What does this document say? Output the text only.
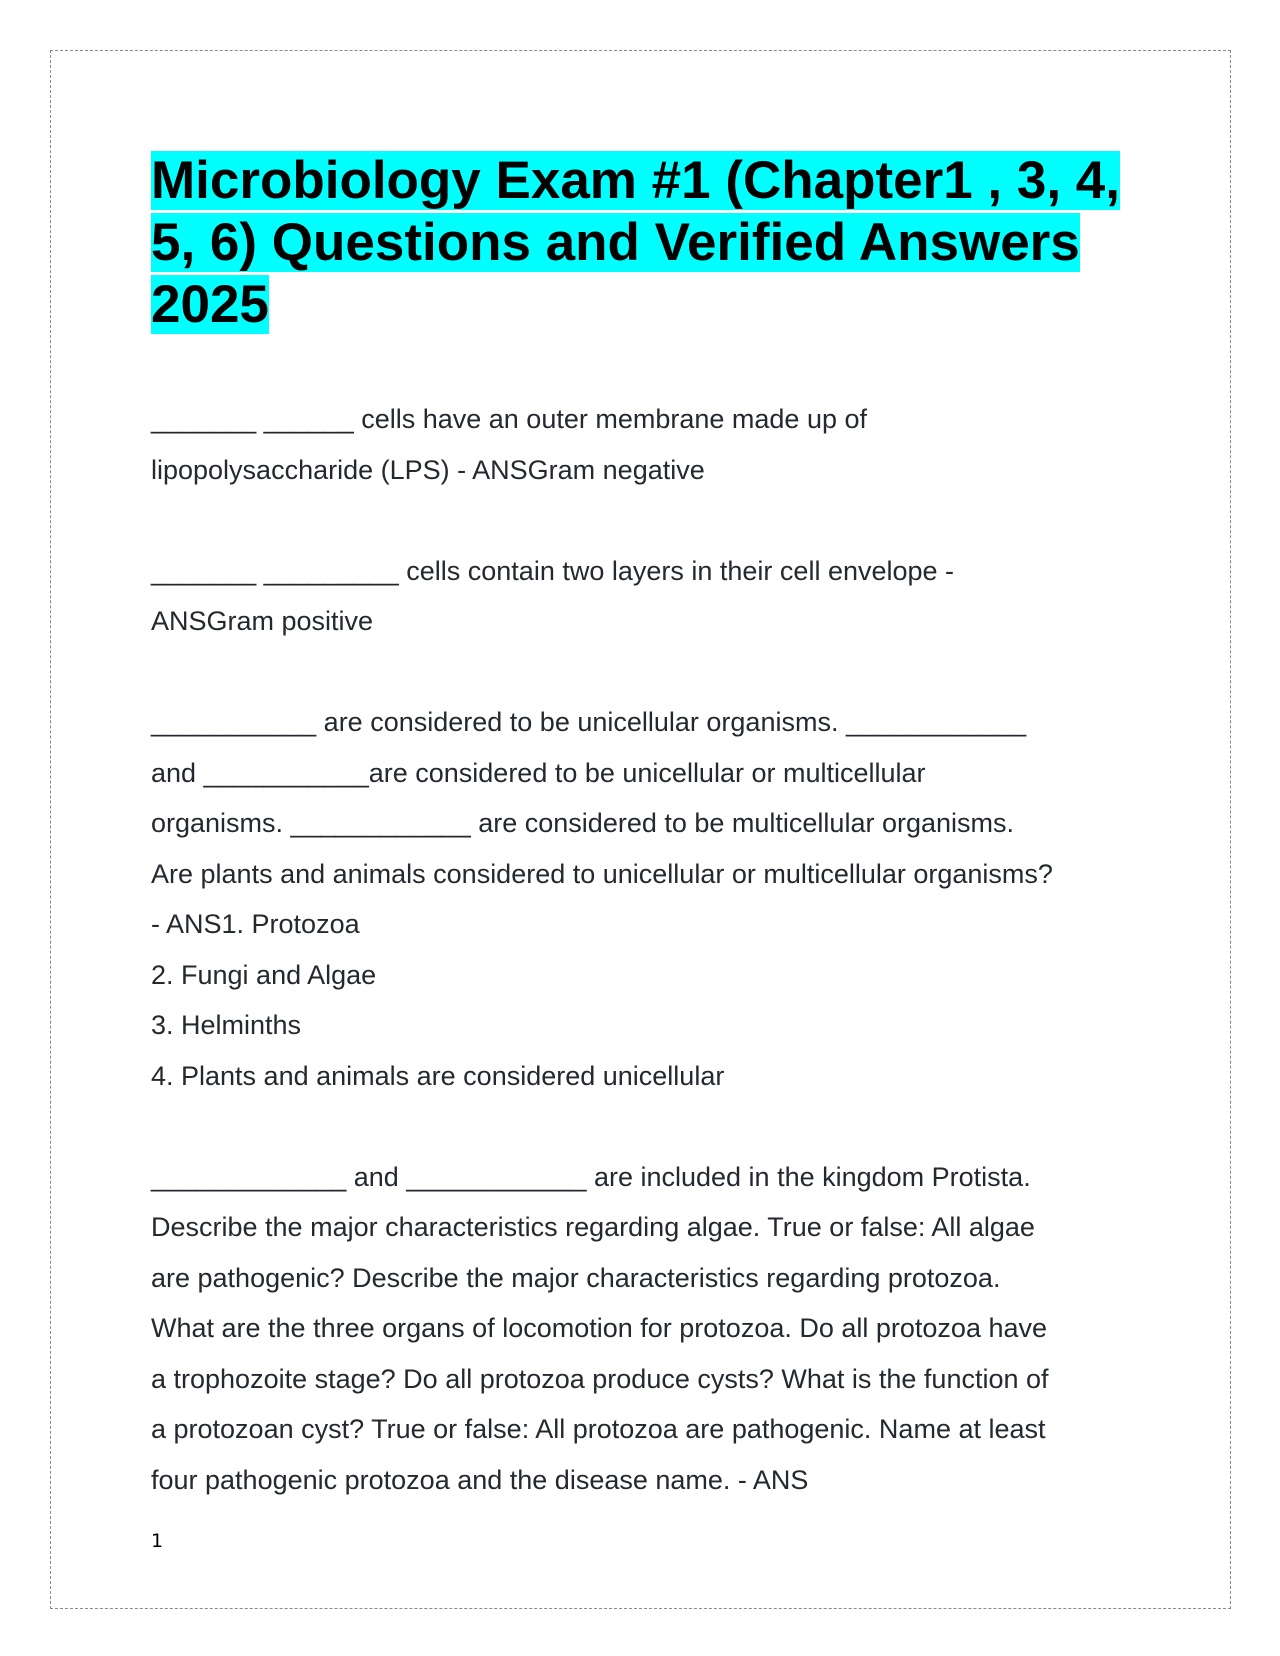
Microbiology Exam #1 (Chapter1 , 3, 4, 5, 6) Questions and Verified Answers 2025

_______ ______ cells have an outer membrane made up of

lipopolysaccharide (LPS) - ANSGram negative

_______ _________ cells contain two layers in their cell envelope -

ANSGram positive

___________ are considered to be unicellular organisms. ____________

and ___________are considered to be unicellular or multicellular

organisms. ____________ are considered to be multicellular organisms.

Are plants and animals considered to unicellular or multicellular organisms?

- ANS1. Protozoa

2. Fungi and Algae

3. Helminths

4. Plants and animals are considered unicellular

_____________ and ____________ are included in the kingdom Protista.

Describe the major characteristics regarding algae. True or false: All algae

are pathogenic? Describe the major characteristics regarding protozoa.

What are the three organs of locomotion for protozoa. Do all protozoa have

a trophozoite stage? Do all protozoa produce cysts? What is the function of

a protozoan cyst? True or false: All protozoa are pathogenic. Name at least

four pathogenic protozoa and the disease name. - ANS

1
